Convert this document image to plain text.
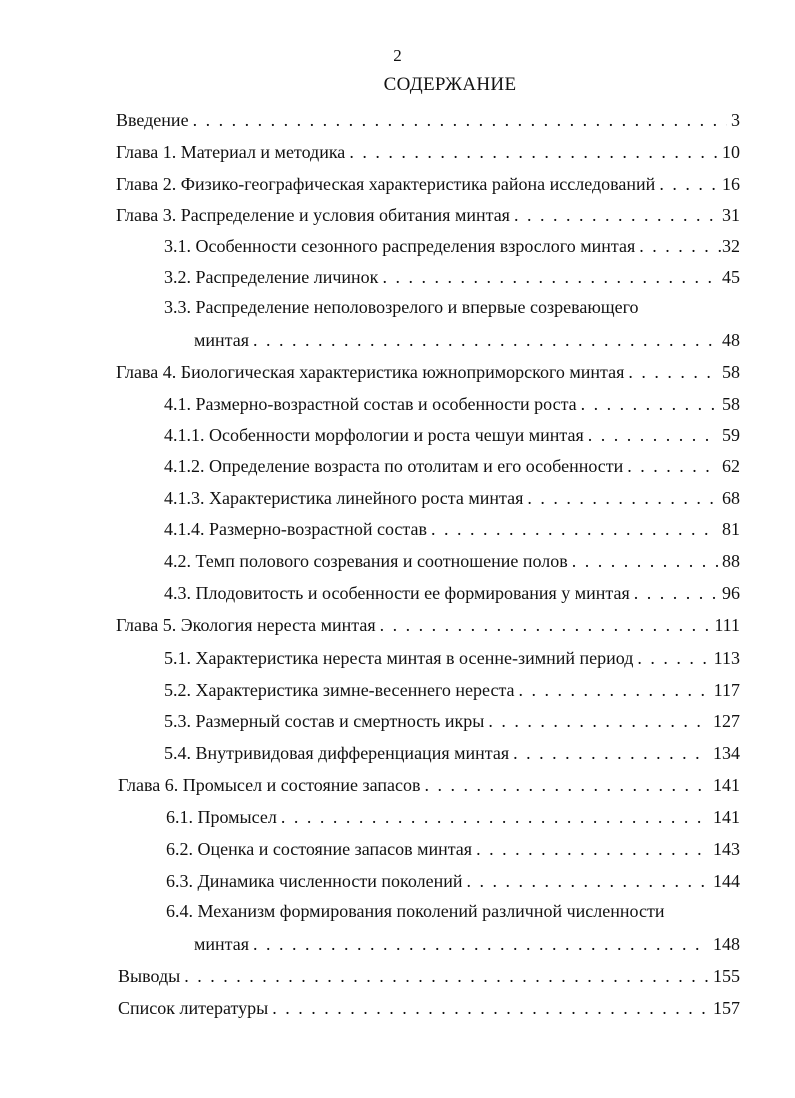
2
СОДЕРЖАНИЕ
Введение . . .	3
Глава 1. Материал и методика . . .	10
Глава 2. Физико-географическая характеристика района исследований . . .	16
Глава 3. Распределение и условия обитания минтая . . .	31
3.1. Особенности сезонного распределения взрослого минтая . . .	.32
3.2. Распределение личинок . . .	45
3.3. Распределение неполовозрелого и впервые созревающего
минтая . . .	48
Глава 4. Биологическая характеристика южноприморского минтая . . .	58
4.1. Размерно-возрастной состав и особенности роста . . .	58
4.1.1. Особенности морфологии и роста чешуи минтая . . .	59
4.1.2. Определение возраста по отолитам и его особенности . . .	62
4.1.3. Характеристика линейного роста минтая . . .	68
4.1.4. Размерно-возрастной состав . . .	81
4.2. Темп полового созревания и соотношение полов . . .	88
4.3. Плодовитость и особенности ее формирования у минтая . . .	96
Глава 5. Экология нереста минтая . . .	111
5.1. Характеристика нереста минтая в осенне-зимний период . . .	113
5.2. Характеристика зимне-весеннего нереста . . .	117
5.3. Размерный состав и смертность икры . . .	127
5.4. Внутривидовая дифференциация минтая . . .	134
Глава 6. Промысел и состояние запасов . . .	141
6.1. Промысел . . .	141
6.2. Оценка и состояние запасов минтая . . .	143
6.3. Динамика численности поколений . . .	144
6.4. Механизм формирования поколений различной численности
минтая . . .	148
Выводы . . .	155
Список литературы . . .	157
